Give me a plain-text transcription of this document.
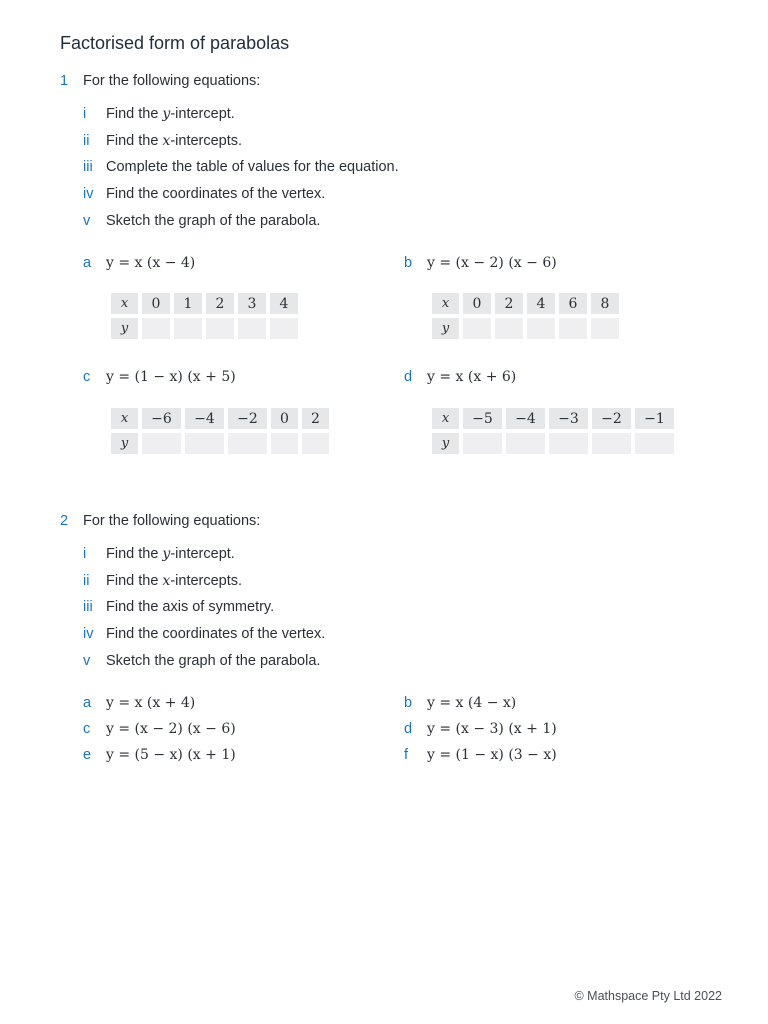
Factorised form of parabolas
1 For the following equations:
i Find the y-intercept.
ii Find the x-intercepts.
iii Complete the table of values for the equation.
iv Find the coordinates of the vertex.
v Sketch the graph of the parabola.
a y = x (x − 4)
x	0	1	2	3	4
y					
b y = (x − 2) (x − 6)
x	0	2	4	6	8
y					
c y = (1 − x) (x + 5)
x	−6	−4	−2	0	2
y					
d y = x (x + 6)
x	−5	−4	−3	−2	−1
y					
2 For the following equations:
i Find the y-intercept.
ii Find the x-intercepts.
iii Find the axis of symmetry.
iv Find the coordinates of the vertex.
v Sketch the graph of the parabola.
a y = x (x + 4)	b y = x (4 − x)
c y = (x − 2) (x − 6)	d y = (x − 3) (x + 1)
e y = (5 − x) (x + 1)	f y = (1 − x) (3 − x)
© Mathspace Pty Ltd 2022
